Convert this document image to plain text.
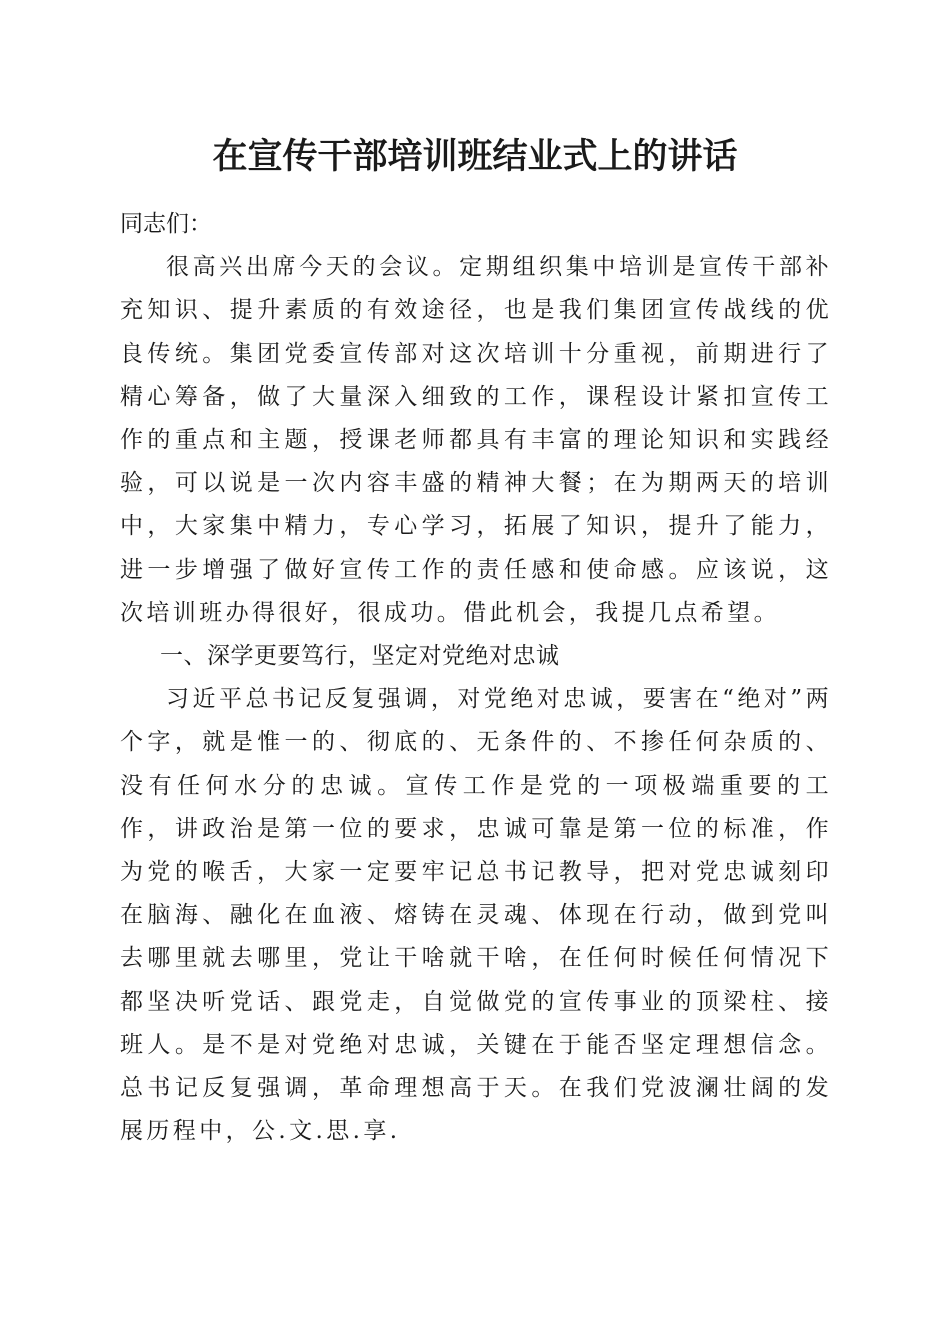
在宣传干部培训班结业式上的讲话

同志们：

很高兴出席今天的会议。定期组织集中培训是宣传干部补充知识、提升素质的有效途径，也是我们集团宣传战线的优良传统。集团党委宣传部对这次培训十分重视，前期进行了精心筹备，做了大量深入细致的工作，课程设计紧扣宣传工作的重点和主题，授课老师都具有丰富的理论知识和实践经验，可以说是一次内容丰盛的精神大餐；在为期两天的培训中，大家集中精力，专心学习，拓展了知识，提升了能力，进一步增强了做好宣传工作的责任感和使命感。应该说，这次培训班办得很好，很成功。借此机会，我提几点希望。

一、深学更要笃行，坚定对党绝对忠诚

习近平总书记反复强调，对党绝对忠诚，要害在“绝对”两个字，就是惟一的、彻底的、无条件的、不掺任何杂质的、没有任何水分的忠诚。宣传工作是党的一项极端重要的工作，讲政治是第一位的要求，忠诚可靠是第一位的标准，作为党的喉舌，大家一定要牢记总书记教导，把对党忠诚刻印在脑海、融化在血液、熔铸在灵魂、体现在行动，做到党叫去哪里就去哪里，党让干啥就干啥，在任何时候任何情况下都坚决听党话、跟党走，自觉做党的宣传事业的顶梁柱、接班人。是不是对党绝对忠诚，关键在于能否坚定理想信念。总书记反复强调，革命理想高于天。在我们党波澜壮阔的发展历程中，公.文.思.享.
